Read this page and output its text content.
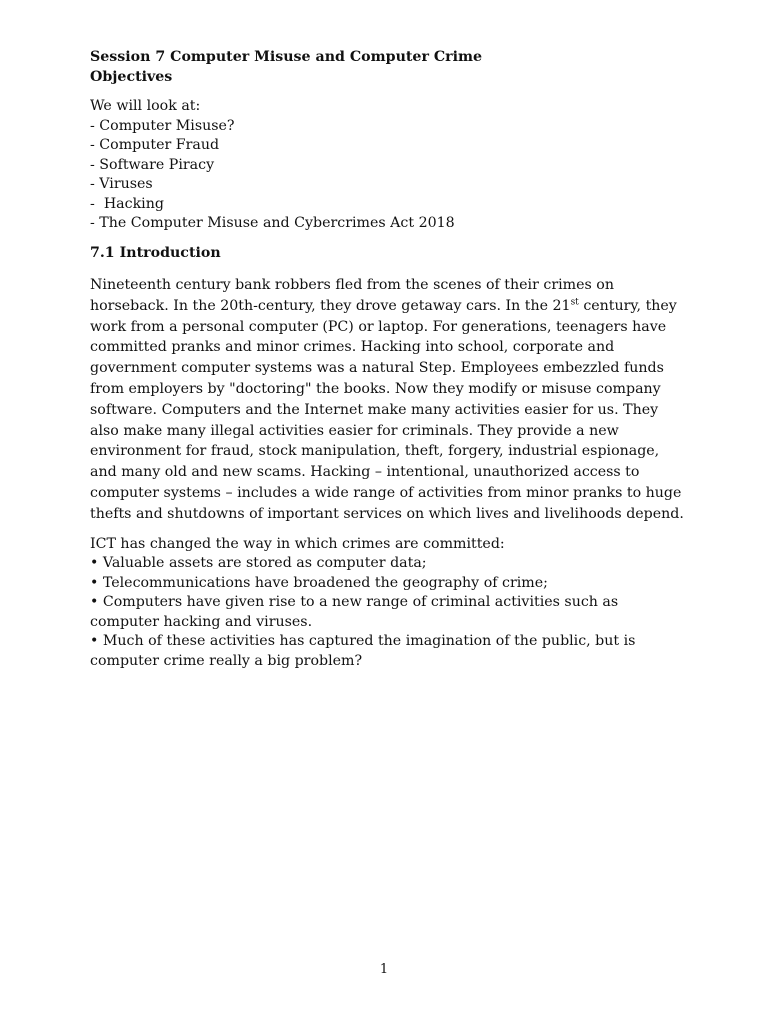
Session 7 Computer Misuse and Computer Crime
Objectives
We will look at:
- Computer Misuse?
- Computer Fraud
- Software Piracy
- Viruses
-  Hacking
- The Computer Misuse and Cybercrimes Act 2018
7.1 Introduction

Nineteenth century bank robbers fled from the scenes of their crimes on horseback. In the 20th-century, they drove getaway cars. In the 21st century, they work from a personal computer (PC) or laptop. For generations, teenagers have committed pranks and minor crimes. Hacking into school, corporate and government computer systems was a natural Step. Employees embezzled funds from employers by "doctoring" the books. Now they modify or misuse company software. Computers and the Internet make many activities easier for us. They also make many illegal activities easier for criminals. They provide a new environment for fraud, stock manipulation, theft, forgery, industrial espionage, and many old and new scams. Hacking – intentional, unauthorized access to computer systems – includes a wide range of activities from minor pranks to huge thefts and shutdowns of important services on which lives and livelihoods depend.

ICT has changed the way in which crimes are committed:
• Valuable assets are stored as computer data;
• Telecommunications have broadened the geography of crime;
• Computers have given rise to a new range of criminal activities such as computer hacking and viruses.
• Much of these activities has captured the imagination of the public, but is computer crime really a big problem?
1
